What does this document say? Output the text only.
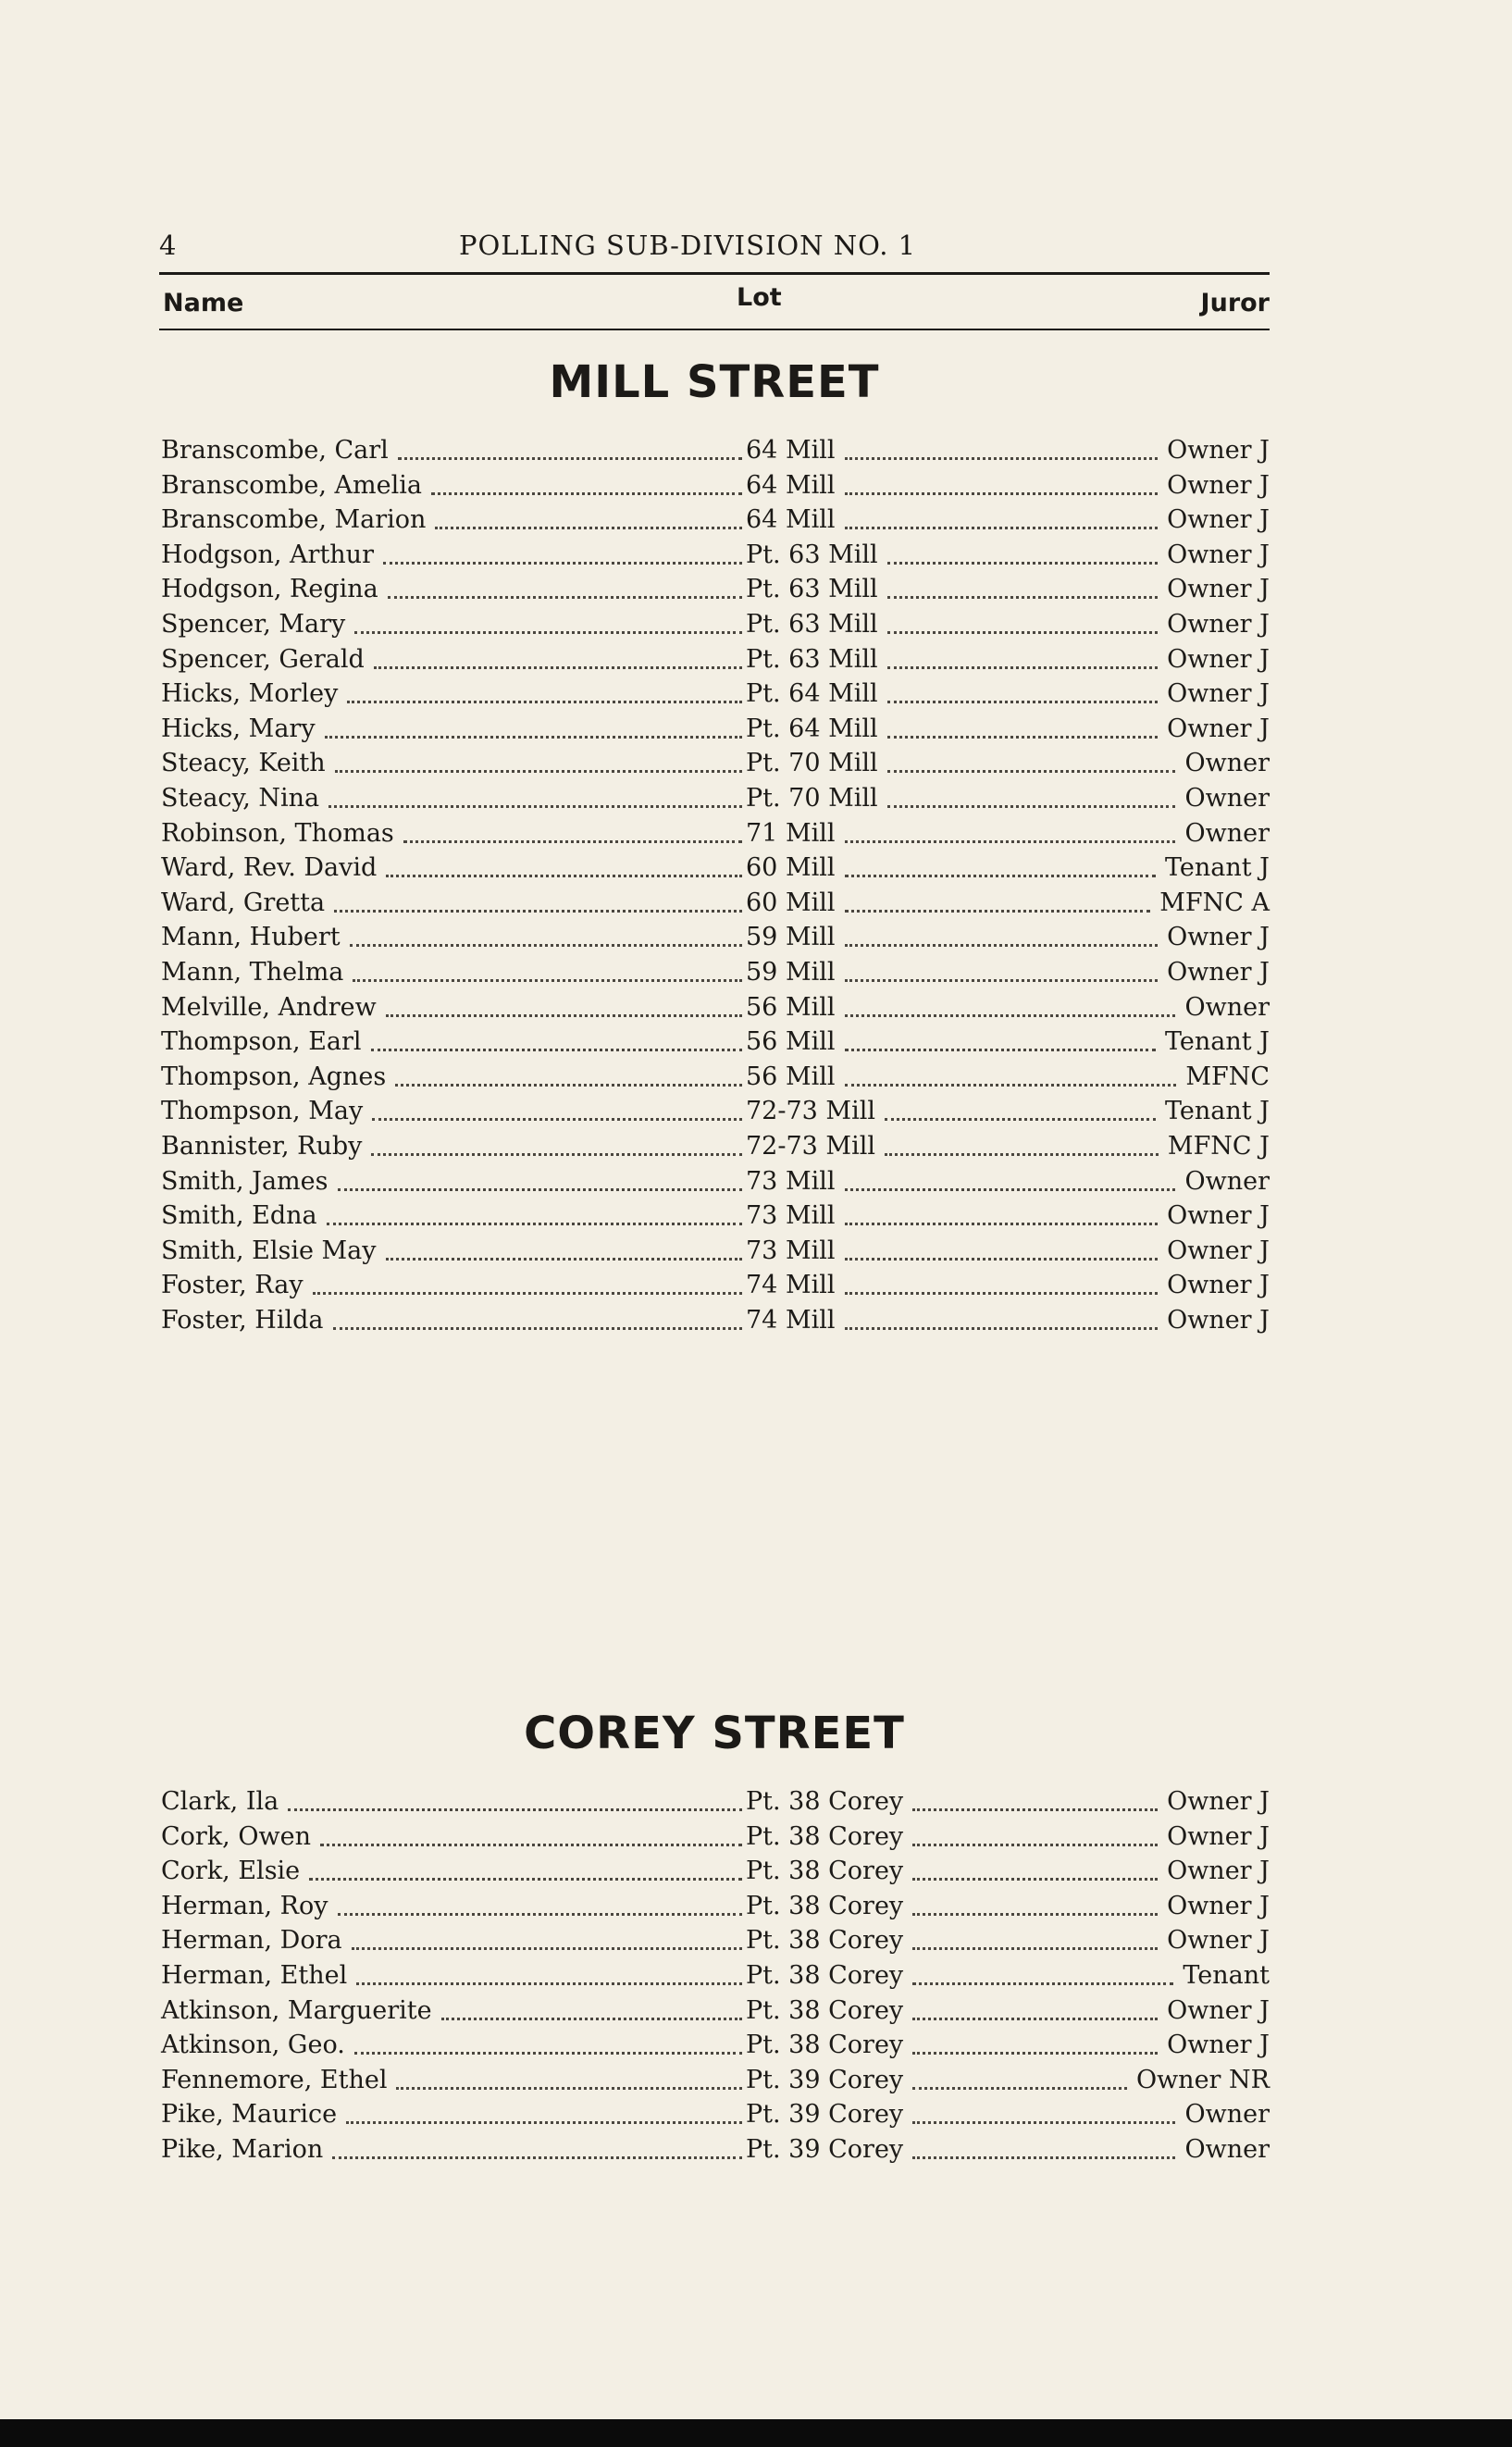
4	POLLING SUB-DIVISION NO. 1
Name	Lot	Juror
MILL STREET
Branscombe, Carl	64 Mill	Owner J
Branscombe, Amelia	64 Mill	Owner J
Branscombe, Marion	64 Mill	Owner J
Hodgson, Arthur	Pt. 63 Mill	Owner J
Hodgson, Regina	Pt. 63 Mill	Owner J
Spencer, Mary	Pt. 63 Mill	Owner J
Spencer, Gerald	Pt. 63 Mill	Owner J
Hicks, Morley	Pt. 64 Mill	Owner J
Hicks, Mary	Pt. 64 Mill	Owner J
Steacy, Keith	Pt. 70 Mill	Owner
Steacy, Nina	Pt. 70 Mill	Owner
Robinson, Thomas	71 Mill	Owner
Ward, Rev. David	60 Mill	Tenant J
Ward, Gretta	60 Mill	MFNC A
Mann, Hubert	59 Mill	Owner J
Mann, Thelma	59 Mill	Owner J
Melville, Andrew	56 Mill	Owner
Thompson, Earl	56 Mill	Tenant J
Thompson, Agnes	56 Mill	MFNC
Thompson, May	72-73 Mill	Tenant J
Bannister, Ruby	72-73 Mill	MFNC J
Smith, James	73 Mill	Owner
Smith, Edna	73 Mill	Owner J
Smith, Elsie May	73 Mill	Owner J
Foster, Ray	74 Mill	Owner J
Foster, Hilda	74 Mill	Owner J
COREY STREET
Clark, Ila	Pt. 38 Corey	Owner J
Cork, Owen	Pt. 38 Corey	Owner J
Cork, Elsie	Pt. 38 Corey	Owner J
Herman, Roy	Pt. 38 Corey	Owner J
Herman, Dora	Pt. 38 Corey	Owner J
Herman, Ethel	Pt. 38 Corey	Tenant
Atkinson, Marguerite	Pt. 38 Corey	Owner J
Atkinson, Geo.	Pt. 38 Corey	Owner J
Fennemore, Ethel	Pt. 39 Corey	Owner NR
Pike, Maurice	Pt. 39 Corey	Owner
Pike, Marion	Pt. 39 Corey	Owner
